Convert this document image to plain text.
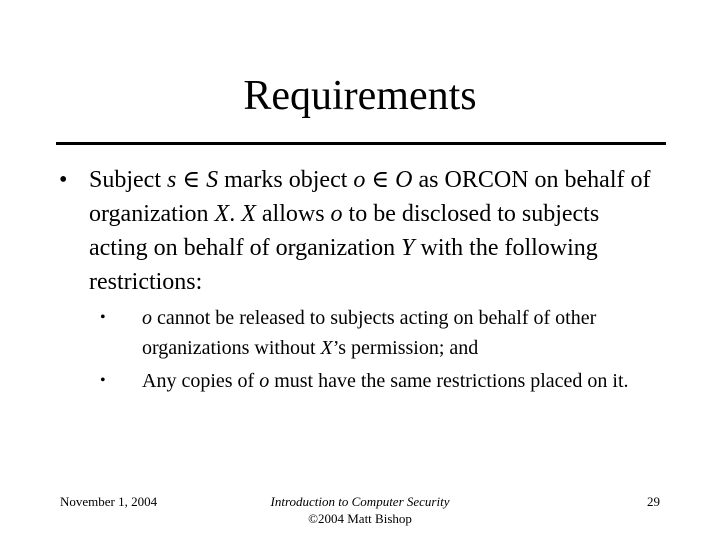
Requirements
• Subject s ∈ S marks object o ∈ O as ORCON on behalf of organization X. X allows o to be disclosed to subjects acting on behalf of organization Y with the following restrictions:
• o cannot be released to subjects acting on behalf of other organizations without X’s permission; and
• Any copies of o must have the same restrictions placed on it.
November 1, 2004	Introduction to Computer Security
©2004 Matt Bishop
29
